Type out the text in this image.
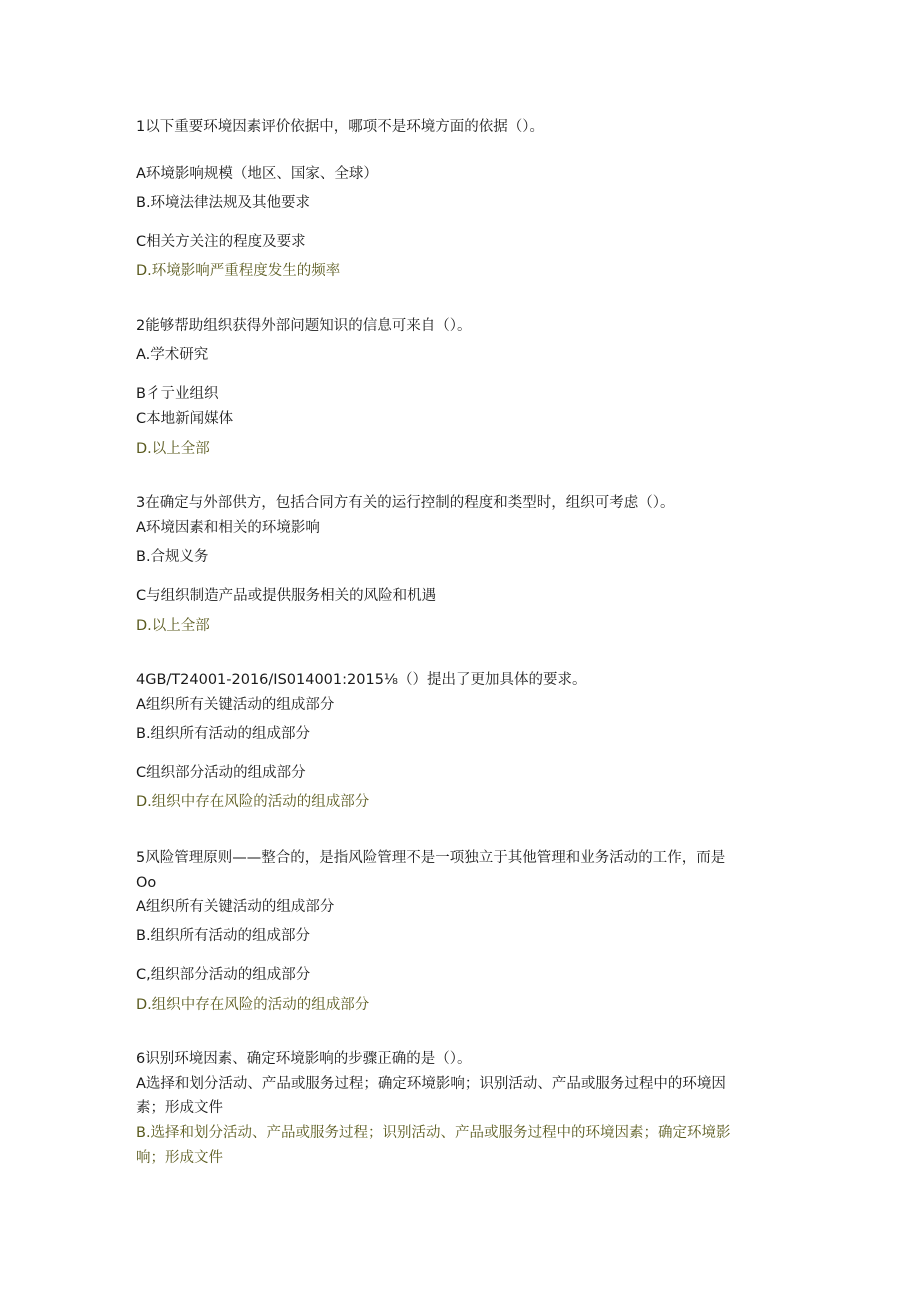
1以下重要环境因素评价依据中，哪项不是环境方面的依据（）。
A环境影响规模（地区、国家、全球）
B.环境法律法规及其他要求
C相关方关注的程度及要求
D.环境影响严重程度发生的频率
2能够帮助组织获得外部问题知识的信息可来自（）。
A.学术研究
B彳亍业组织
C本地新闻媒体
D.以上全部
3在确定与外部供方，包括合同方有关的运行控制的程度和类型时，组织可考虑（）。
A环境因素和相关的环境影响
B.合规义务
C与组织制造产品或提供服务相关的风险和机遇
D.以上全部
4GB/T24001-2016/IS014001:2015⅛（）提出了更加具体的要求。
A组织所有关键活动的组成部分
B.组织所有活动的组成部分
C组织部分活动的组成部分
D.组织中存在风险的活动的组成部分
5风险管理原则——整合的，是指风险管理不是一项独立于其他管理和业务活动的工作，而是
Oo
A组织所有关键活动的组成部分
B.组织所有活动的组成部分
C,组织部分活动的组成部分
D.组织中存在风险的活动的组成部分
6识别环境因素、确定环境影响的步骤正确的是（）。
A选择和划分活动、产品或服务过程；确定环境影响；识别活动、产品或服务过程中的环境因
素；形成文件
B.选择和划分活动、产品或服务过程；识别活动、产品或服务过程中的环境因素；确定环境影
响；形成文件
